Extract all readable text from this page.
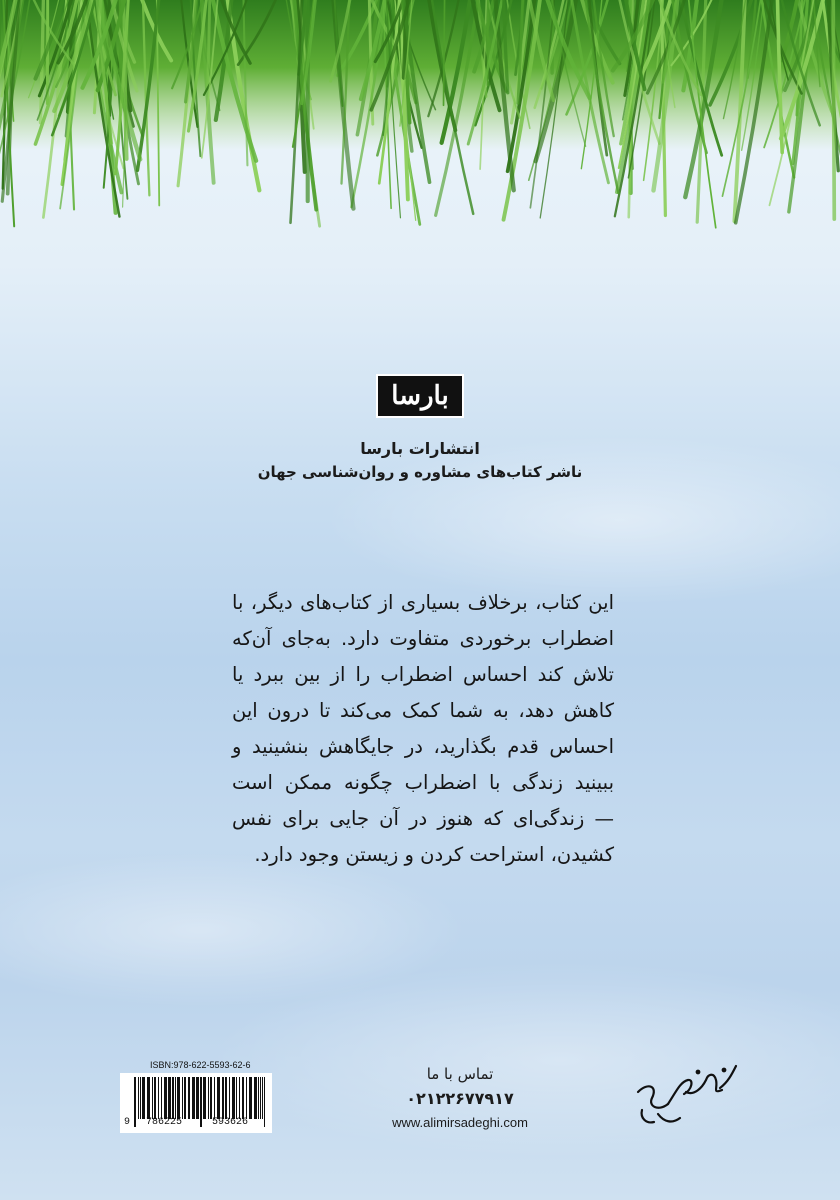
بارسا
انتشارات بارسا
ناشر کتاب‌های مشاوره و روان‌شناسی جهان
این کتاب، برخلاف بسیاری از کتاب‌های دیگر، با
اضطراب برخوردی متفاوت دارد. به‌جای آن‌که
تلاش کند احساس اضطراب را از بین ببرد یا
کاهش دهد، به شما کمک می‌کند تا درون این
احساس قدم بگذارید، در جایگاهش بنشینید و
ببینید زندگی با اضطراب چگونه ممکن است
— زندگی‌ای که هنوز در آن جایی برای نفس
کشیدن، استراحت کردن و زیستن وجود دارد.
ISBN:978-622-5593-62-6
9 786225	593626
تماس با ما
۰۲۱۲۲۶۷۷۹۱۷
www.alimirsadeghi.com
